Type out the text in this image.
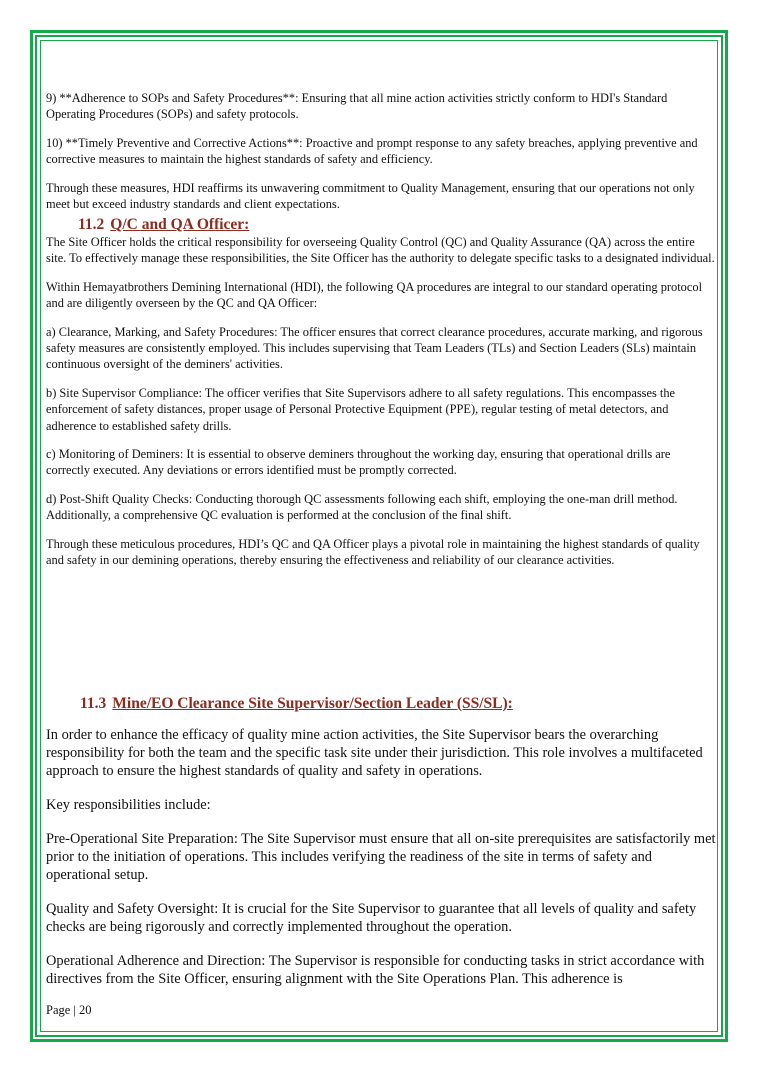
9) **Adherence to SOPs and Safety Procedures**: Ensuring that all mine action activities strictly conform to HDI's Standard Operating Procedures (SOPs) and safety protocols.

10) **Timely Preventive and Corrective Actions**: Proactive and prompt response to any safety breaches, applying preventive and corrective measures to maintain the highest standards of safety and efficiency.

Through these measures, HDI reaffirms its unwavering commitment to Quality Management, ensuring that our operations not only meet but exceed industry standards and client expectations.

11.2 Q/C and QA Officer:

The Site Officer holds the critical responsibility for overseeing Quality Control (QC) and Quality Assurance (QA) across the entire site. To effectively manage these responsibilities, the Site Officer has the authority to delegate specific tasks to a designated individual.

Within Hemayatbrothers Demining International (HDI), the following QA procedures are integral to our standard operating protocol and are diligently overseen by the QC and QA Officer:

a) Clearance, Marking, and Safety Procedures: The officer ensures that correct clearance procedures, accurate marking, and rigorous safety measures are consistently employed. This includes supervising that Team Leaders (TLs) and Section Leaders (SLs) maintain continuous oversight of the deminers' activities.

b) Site Supervisor Compliance: The officer verifies that Site Supervisors adhere to all safety regulations. This encompasses the enforcement of safety distances, proper usage of Personal Protective Equipment (PPE), regular testing of metal detectors, and adherence to established safety drills.

c) Monitoring of Deminers: It is essential to observe deminers throughout the working day, ensuring that operational drills are correctly executed. Any deviations or errors identified must be promptly corrected.

d) Post-Shift Quality Checks: Conducting thorough QC assessments following each shift, employing the one-man drill method. Additionally, a comprehensive QC evaluation is performed at the conclusion of the final shift.

Through these meticulous procedures, HDI’s QC and QA Officer plays a pivotal role in maintaining the highest standards of quality and safety in our demining operations, thereby ensuring the effectiveness and reliability of our clearance activities.

11.3 Mine/EO Clearance Site Supervisor/Section Leader (SS/SL):

In order to enhance the efficacy of quality mine action activities, the Site Supervisor bears the overarching responsibility for both the team and the specific task site under their jurisdiction. This role involves a multifaceted approach to ensure the highest standards of quality and safety in operations.

Key responsibilities include:

Pre-Operational Site Preparation: The Site Supervisor must ensure that all on-site prerequisites are satisfactorily met prior to the initiation of operations. This includes verifying the readiness of the site in terms of safety and operational setup.

Quality and Safety Oversight: It is crucial for the Site Supervisor to guarantee that all levels of quality and safety checks are being rigorously and correctly implemented throughout the operation.

Operational Adherence and Direction: The Supervisor is responsible for conducting tasks in strict accordance with directives from the Site Officer, ensuring alignment with the Site Operations Plan. This adherence is

Page | 20
